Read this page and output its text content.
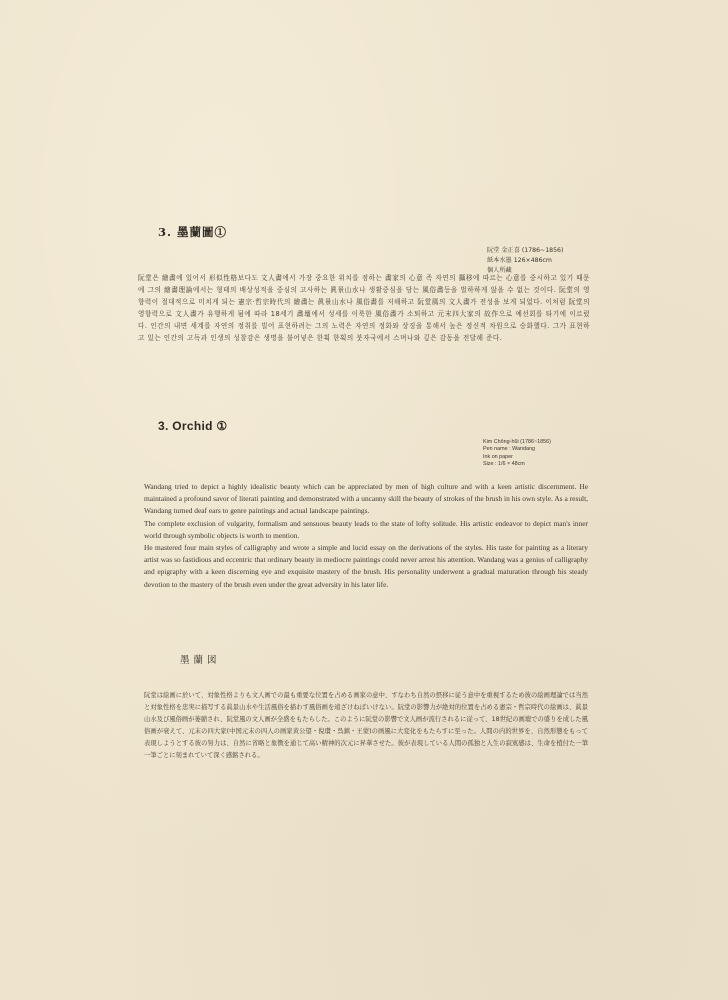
3. 墨蘭圖①
阮堂 金正喜 (1786~1856)
紙本水墨 126×486cm
個人所藏
阮堂은 繪畵에 있어서 形似性格보다도 文人畵에서 가장 중요한 위치를 점하는 畵家의 心意 즉 자연의 攝移에 따르는 心意를 중시하고 있기 때문에 그의 繪畵理論에서는 형태의 배상성적을 중심의 고사하는 眞景山水나 생활중심을 담는 風俗畵등을 벌하하게 않을 수 없는 것이다. 阮堂의 영향력이 절대적으로 미치게 되는 憲宗·哲宗時代의 繪畵는 眞景山水나 風俗畵를 저해하고 阮堂風의 文人畵가 전성을 보게 되었다. 이처럼 阮堂의 영향력으로 文人畵가 유행하게 됨에 따라 18세기 畵壇에서 성세를 이룩한 風俗畵가 소퇴하고 元末四大家의 故作으로 예선회를 타기에 이르렀다. 인간의 내면 세계를 자연의 정취를 빌어 표현하려는 그의 노력은 자연의 정화와 상징을 통해서 높은 정신적 차원으로 승화했다. 그가 표현하고 있는 인간의 고독과 인생의 성찰감은 생명을 불어넣은 한획 한획의 붓자국에서 스며나와 깊은 감동을 전달해 준다.
3. Orchid ①
Kim Chŏng-hŭi (1786~1856)
Pen name : Wandang
Ink on paper
Size : 1/6 × 48cm

Wandang tried to depict a highly idealistic beauty which can be appreciated by men of high culture and with a keen artistic discernment. He maintained a profound savor of literati painting and demonstrated with a uncanny skill the beauty of strokes of the brush in his own style. As a result, Wandang turned deaf ears to genre paintings and actual landscape paintings.

The complete exclusion of vulgarity, formalism and sensuous beauty leads to the state of lofty solitude. His artistic endeavor to depict man's inner world through symbolic objects is worth to mention.

He mastered four main styles of calligraphy and wrote a simple and lucid essay on the derivations of the styles. His taste for painting as a literary artist was so fastidious and eccentric that ordinary beauty in mediocre paintings could never arrest his attention. Wandang was a genius of calligraphy and epigraphy with a keen discerning eye and exquisite mastery of the brush. His personality underwent a gradual maturation through his steady devotion to the mastery of the brush even under the great adversity in his later life.

墨蘭図
阮堂は絵画に於いて、対象性格よりも文人画での最も重要な位置を占める画家の意中、すなわち自然の摂移に従う意中を重視するため彼の絵画理論では当然と対象性格を忠実に描写する眞景山水や生活風俗を描わす風俗画を遠ざけねばいけない。阮堂の影響力が絶対的位置を占める憲宗・哲宗時代の絵画は、眞景山水及び風俗画が萎縮され、阮堂風の文人画が全盛をもたらした。このように阮堂の影響で文人画が流行されるに従って、18世紀の画壇での盛りを成した風俗画が衰えて、元末の四大家(中国元末の四人の画家黄公望・倪瓚・呉鎮・王蒙)の画風に大変化をもたらすに至った。人間の内的世界を、自然形態をもって表現しようとする彼の努力は、自然に省略と象徴を通じて高い精神的次元に昇華させた。彼が表現している人間の孤独と人生の寂寞感は、生命を植付た一筆一筆ごとに刻まれていて深く感銘される。
